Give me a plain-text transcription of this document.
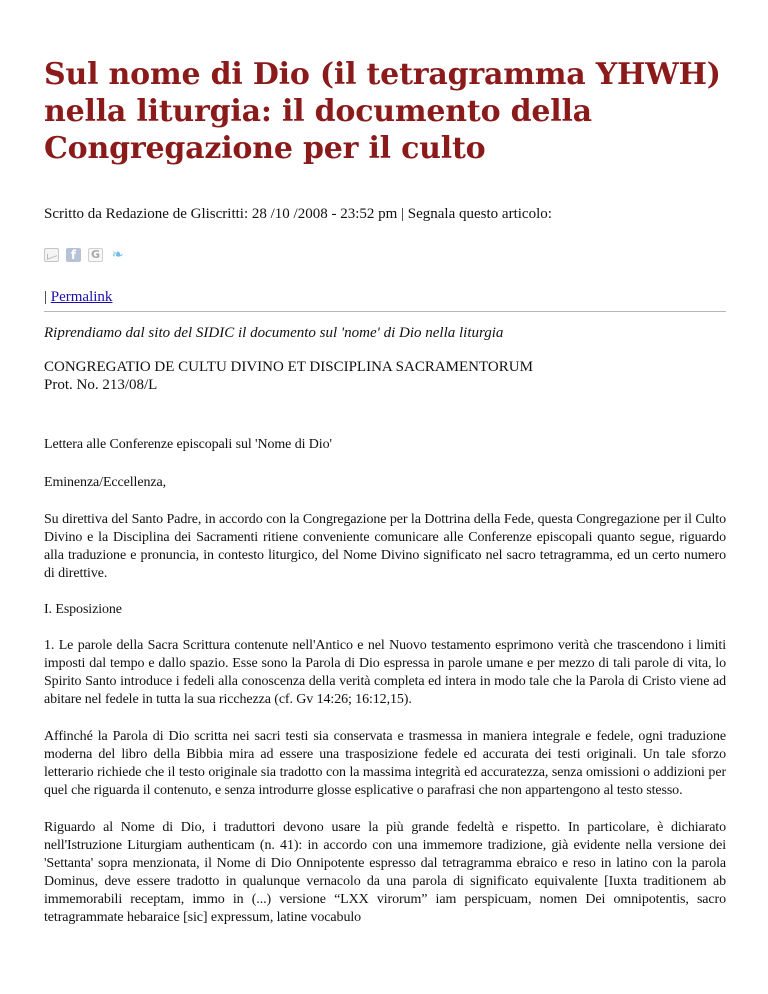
Sul nome di Dio (il tetragramma YHWH) nella liturgia: il documento della Congregazione per il culto
Scritto da Redazione de Gliscritti: 28 /10 /2008 - 23:52 pm | Segnala questo articolo:
f	G ❧
| Permalink
Riprendiamo dal sito del SIDIC il documento sul 'nome' di Dio nella liturgia
CONGREGATIO DE CULTU DIVINO ET DISCIPLINA SACRAMENTORUM
Prot. No. 213/08/L

Lettera alle Conferenze episcopali sul 'Nome di Dio'

Eminenza/Eccellenza,

Su direttiva del Santo Padre, in accordo con la Congregazione per la Dottrina della Fede, questa Congregazione per il Culto Divino e la Disciplina dei Sacramenti ritiene conveniente comunicare alle Conferenze episcopali quanto segue, riguardo alla traduzione e pronuncia, in contesto liturgico, del Nome Divino significato nel sacro tetragramma, ed un certo numero di direttive.

I. Esposizione

1. Le parole della Sacra Scrittura contenute nell'Antico e nel Nuovo testamento esprimono verità che trascendono i limiti imposti dal tempo e dallo spazio. Esse sono la Parola di Dio espressa in parole umane e per mezzo di tali parole di vita, lo Spirito Santo introduce i fedeli alla conoscenza della verità completa ed intera in modo tale che la Parola di Cristo viene ad abitare nel fedele in tutta la sua ricchezza (cf. Gv 14:26; 16:12,15).

Affinché la Parola di Dio scritta nei sacri testi sia conservata e trasmessa in maniera integrale e fedele, ogni traduzione moderna del libro della Bibbia mira ad essere una trasposizione fedele ed accurata dei testi originali. Un tale sforzo letterario richiede che il testo originale sia tradotto con la massima integrità ed accuratezza, senza omissioni o addizioni per quel che riguarda il contenuto, e senza introdurre glosse esplicative o parafrasi che non appartengono al testo stesso.

Riguardo al Nome di Dio, i traduttori devono usare la più grande fedeltà e rispetto. In particolare, è dichiarato nell'Istruzione Liturgiam authenticam (n. 41): in accordo con una immemore tradizione, già evidente nella versione dei 'Settanta' sopra menzionata, il Nome di Dio Onnipotente espresso dal tetragramma ebraico e reso in latino con la parola Dominus, deve essere tradotto in qualunque vernacolo da una parola di significato equivalente [Iuxta traditionem ab immemorabili receptam, immo in (...) versione “LXX virorum” iam perspicuam, nomen Dei omnipotentis, sacro tetragrammate hebaraice [sic] expressum, latine vocabulo
